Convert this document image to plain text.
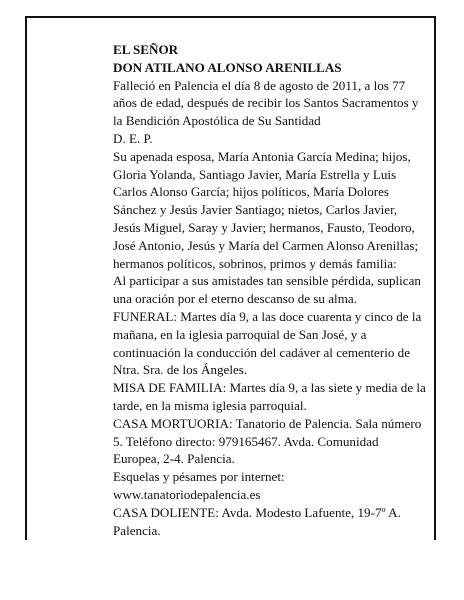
EL SEÑOR

DON ATILANO ALONSO ARENILLAS

Falleció en Palencia el día 8 de agosto de 2011, a los 77 años de edad, después de recibir los Santos Sacramentos y la Bendición Apostólica de Su Santidad

D. E. P.

Su apenada esposa, María Antonia García Medina; hijos, Gloria Yolanda, Santiago Javier, María Estrella y Luis Carlos Alonso García; hijos políticos, María Dolores Sánchez y Jesús Javier Santiago; nietos, Carlos Javier, Jesús Miguel, Saray y Javier; hermanos, Fausto, Teodoro, José Antonio, Jesús y María del Carmen Alonso Arenillas; hermanos políticos, sobrinos, primos y demás familia:

Al participar a sus amistades tan sensible pérdida, suplican una oración por el eterno descanso de su alma.

FUNERAL: Martes día 9, a las doce cuarenta y cinco de la mañana, en la iglesia parroquial de San José, y a continuación la conducción del cadáver al cementerio de Ntra. Sra. de los Ángeles.

MISA DE FAMILIA: Martes día 9, a las siete y media de la tarde, en la misma iglesia parroquial.

CASA MORTUORIA: Tanatorio de Palencia. Sala número 5. Teléfono directo: 979165467. Avda. Comunidad Europea, 2-4. Palencia.

Esquelas y pésames por internet:

www.tanatoriodepalencia.es

CASA DOLIENTE: Avda. Modesto Lafuente, 19-7º A. Palencia.
